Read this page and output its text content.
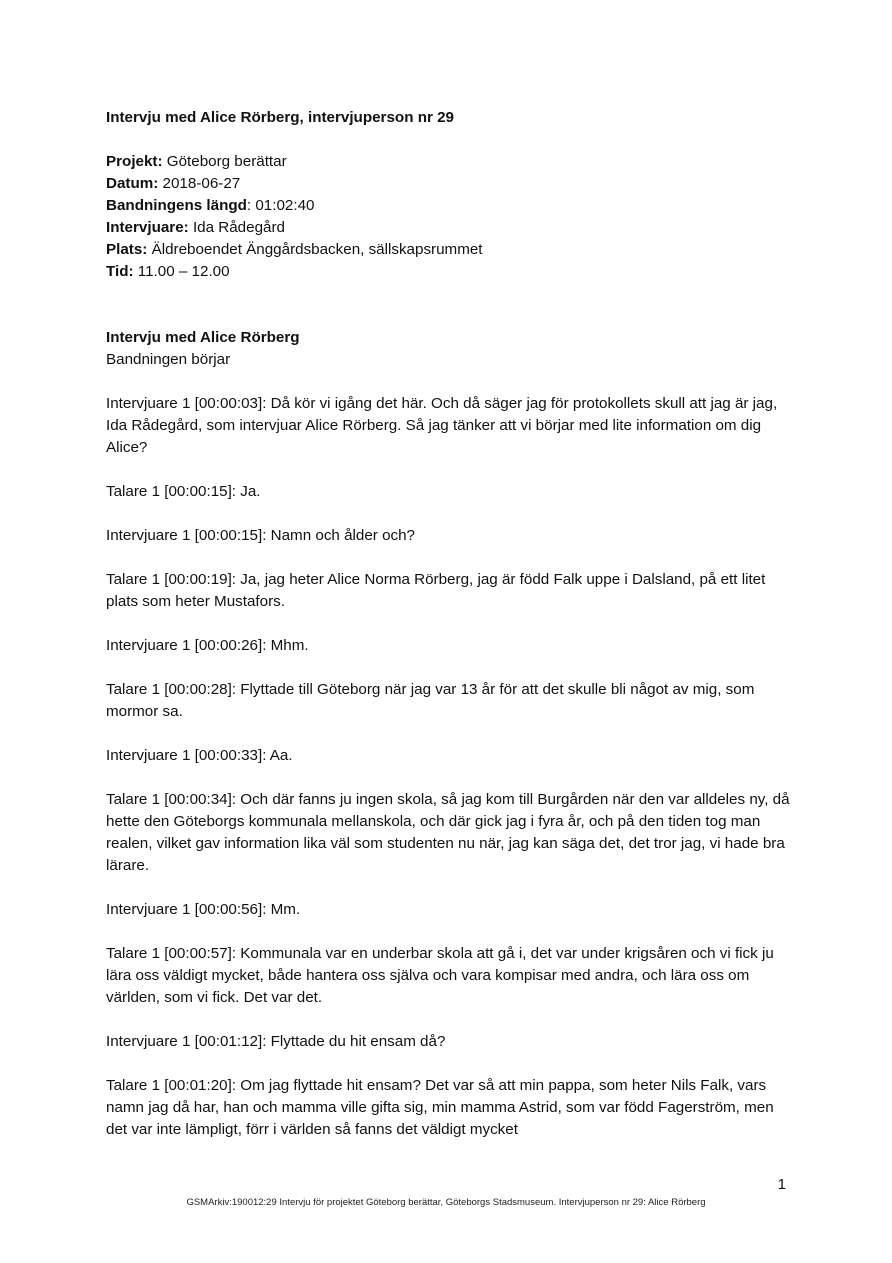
Intervju med Alice Rörberg, intervjuperson nr 29

Projekt: Göteborg berättar

Datum: 2018-06-27

Bandningens längd: 01:02:40

Intervjuare: Ida Rådegård

Plats: Äldreboendet Änggårdsbacken, sällskapsrummet

Tid: 11.00 – 12.00

Intervju med Alice Rörberg

Bandningen börjar

Intervjuare 1 [00:00:03]: Då kör vi igång det här. Och då säger jag för protokollets skull att jag är jag, Ida Rådegård, som intervjuar Alice Rörberg. Så jag tänker att vi börjar med lite information om dig Alice?

Talare 1 [00:00:15]: Ja.

Intervjuare 1 [00:00:15]: Namn och ålder och?

Talare 1 [00:00:19]: Ja, jag heter Alice Norma Rörberg, jag är född Falk uppe i Dalsland, på ett litet plats som heter Mustafors.

Intervjuare 1 [00:00:26]: Mhm.

Talare 1 [00:00:28]: Flyttade till Göteborg när jag var 13 år för att det skulle bli något av mig, som mormor sa.

Intervjuare 1 [00:00:33]: Aa.

Talare 1 [00:00:34]: Och där fanns ju ingen skola, så jag kom till Burgården när den var alldeles ny, då hette den Göteborgs kommunala mellanskola, och där gick jag i fyra år, och på den tiden tog man realen, vilket gav information lika väl som studenten nu när, jag kan säga det, det tror jag, vi hade bra lärare.

Intervjuare 1 [00:00:56]: Mm.

Talare 1 [00:00:57]: Kommunala var en underbar skola att gå i, det var under krigsåren och vi fick ju lära oss väldigt mycket, både hantera oss själva och vara kompisar med andra, och lära oss om världen, som vi fick. Det var det.

Intervjuare 1 [00:01:12]: Flyttade du hit ensam då?

Talare 1 [00:01:20]: Om jag flyttade hit ensam? Det var så att min pappa, som heter Nils Falk, vars namn jag då har, han och mamma ville gifta sig, min mamma Astrid, som var född Fagerström, men det var inte lämpligt, förr i världen så fanns det väldigt mycket

1
GSMArkiv:190012:29 Intervju för projektet Göteborg berättar, Göteborgs Stadsmuseum. Intervjuperson nr 29: Alice Rörberg
